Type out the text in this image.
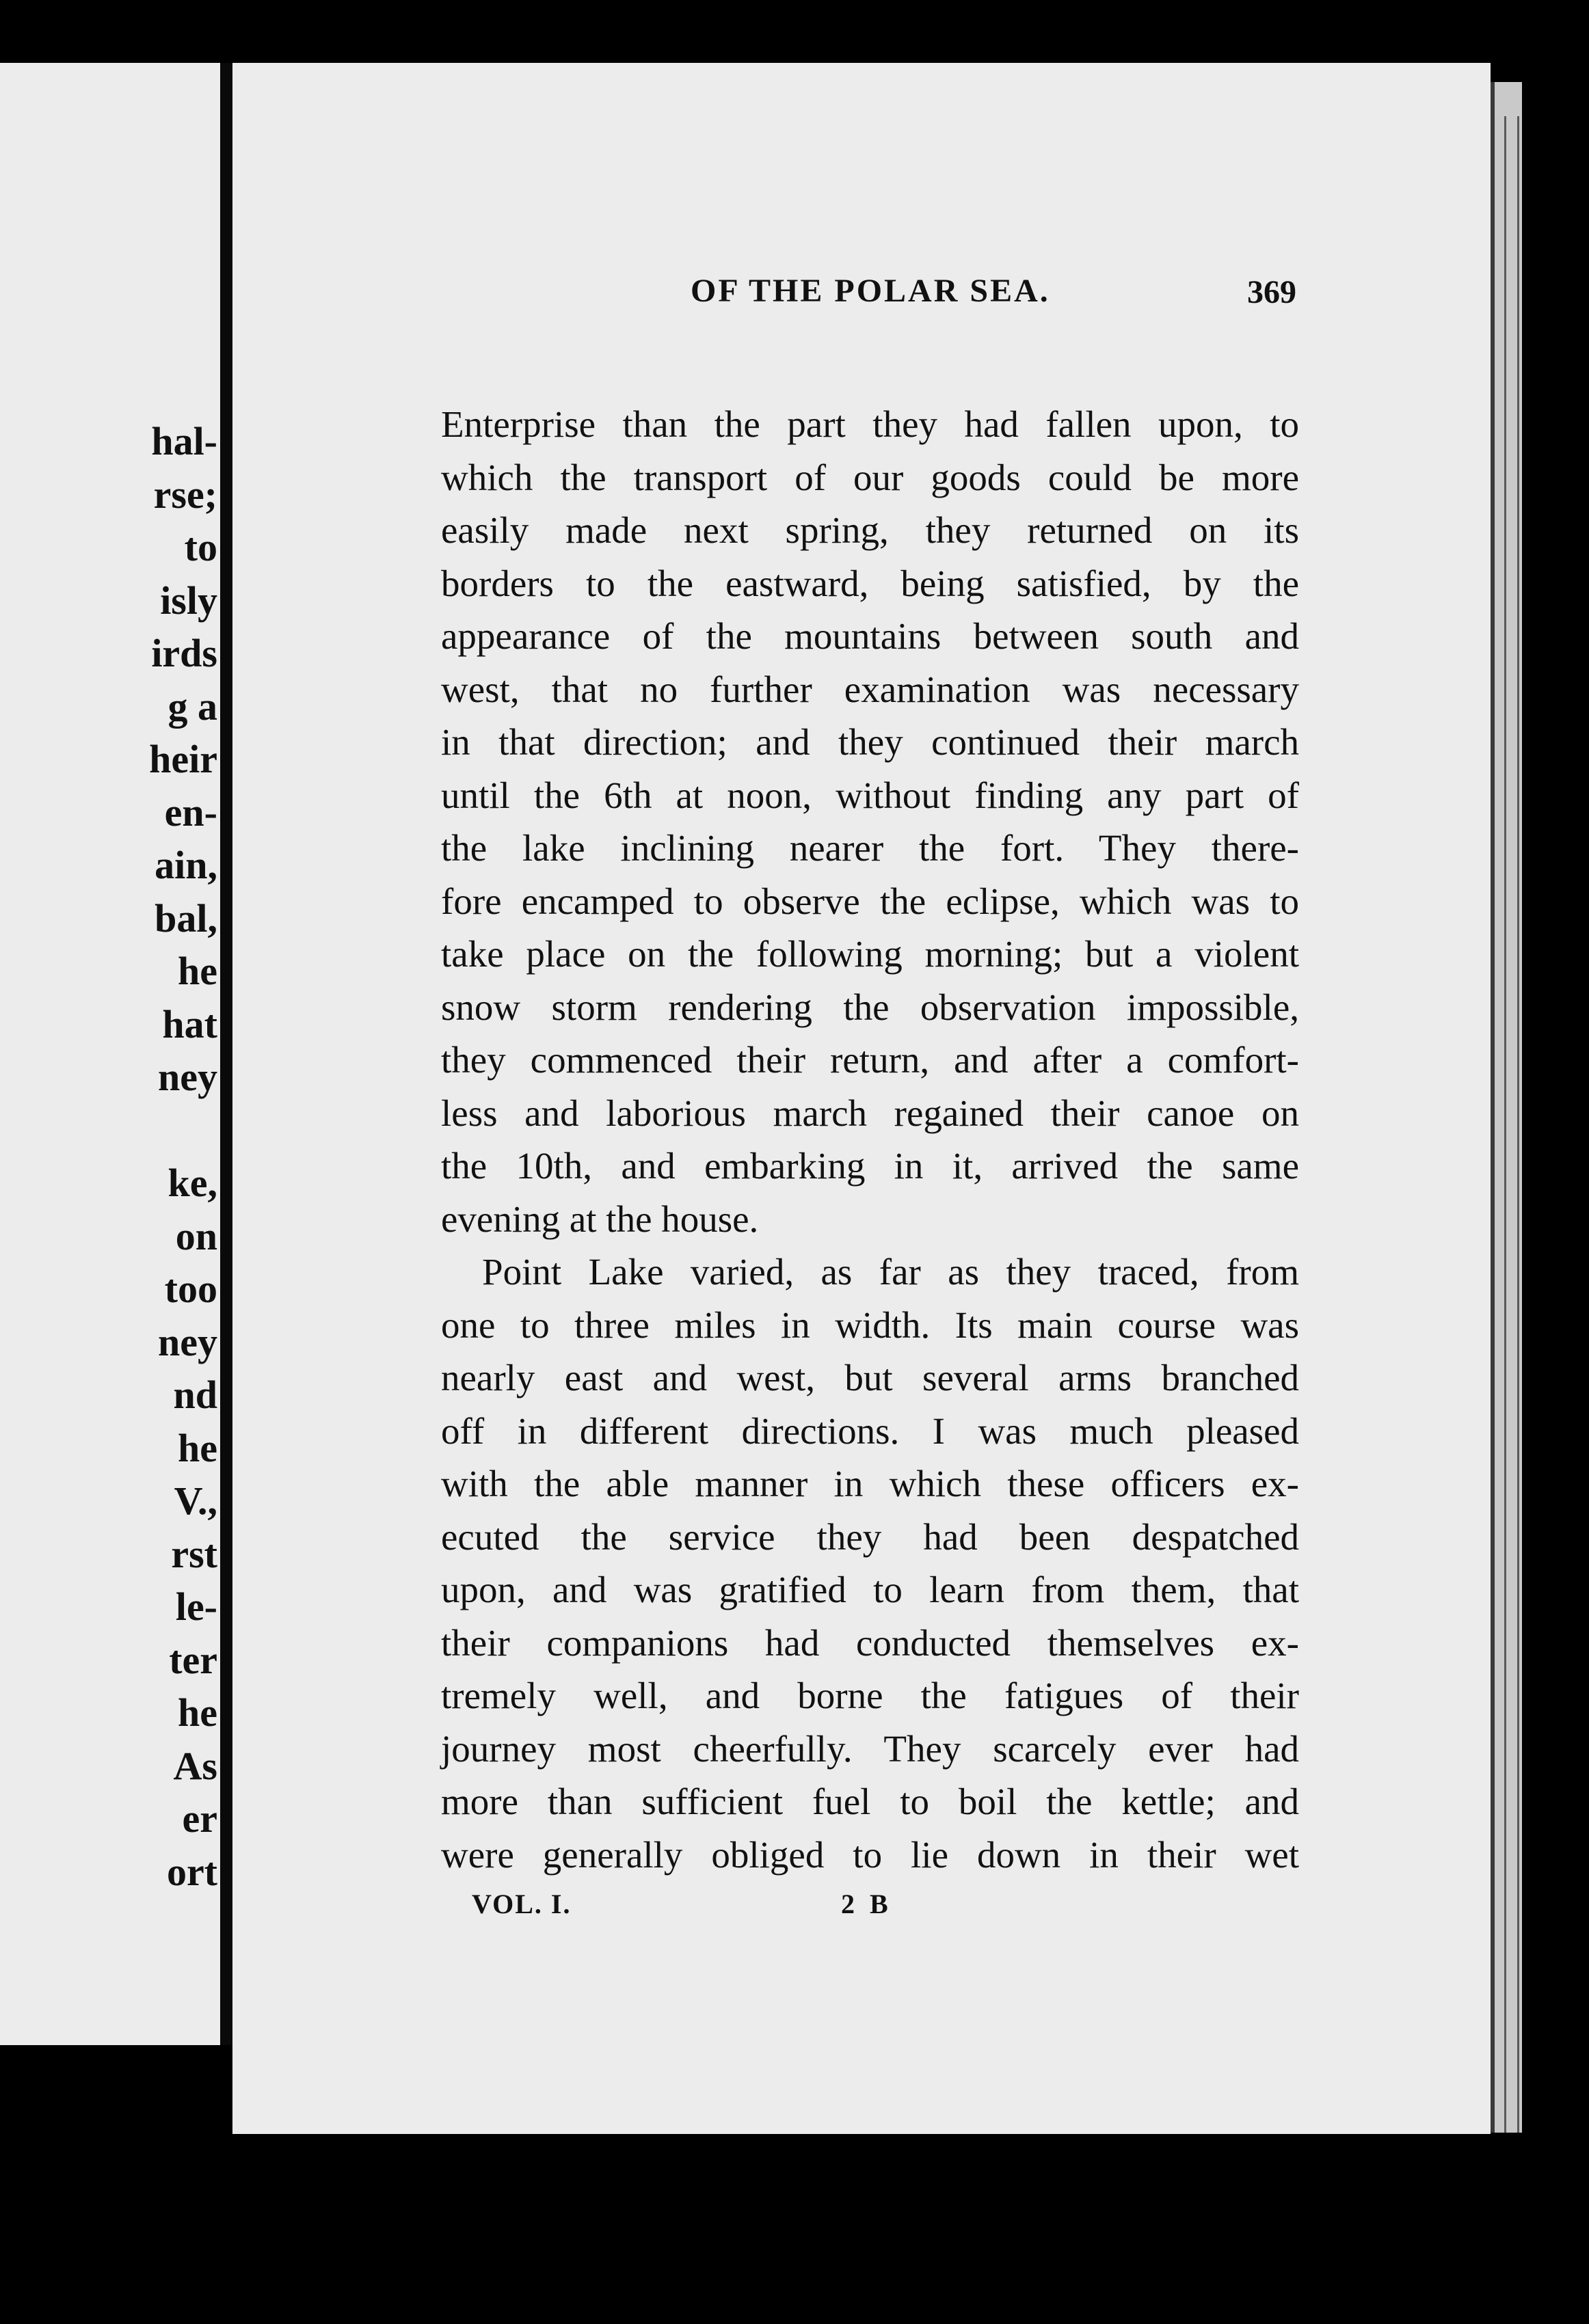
hal-
rse;
to
isly
irds
g a
heir
en-
ain,
bal,
he
hat
ney

ke,
on
too
ney
nd
he
V.,
rst
le-
ter
he
As
er
ort
OF THE POLAR SEA.	369
Enterprise than the part they had fallen upon, to
which the transport of our goods could be more
easily made next spring, they returned on its
borders to the eastward, being satisfied, by the
appearance of the mountains between south and
west, that no further examination was necessary
in that direction; and they continued their march
until the 6th at noon, without finding any part of
the lake inclining nearer the fort. They there-
fore encamped to observe the eclipse, which was to
take place on the following morning; but a violent
snow storm rendering the observation impossible,
they commenced their return, and after a comfort-
less and laborious march regained their canoe on
the 10th, and embarking in it, arrived the same
evening at the house.
Point Lake varied, as far as they traced, from
one to three miles in width. Its main course was
nearly east and west, but several arms branched
off in different directions. I was much pleased
with the able manner in which these officers ex-
ecuted the service they had been despatched
upon, and was gratified to learn from them, that
their companions had conducted themselves ex-
tremely well, and borne the fatigues of their
journey most cheerfully. They scarcely ever had
more than sufficient fuel to boil the kettle; and
were generally obliged to lie down in their wet
VOL. I.	2 B
